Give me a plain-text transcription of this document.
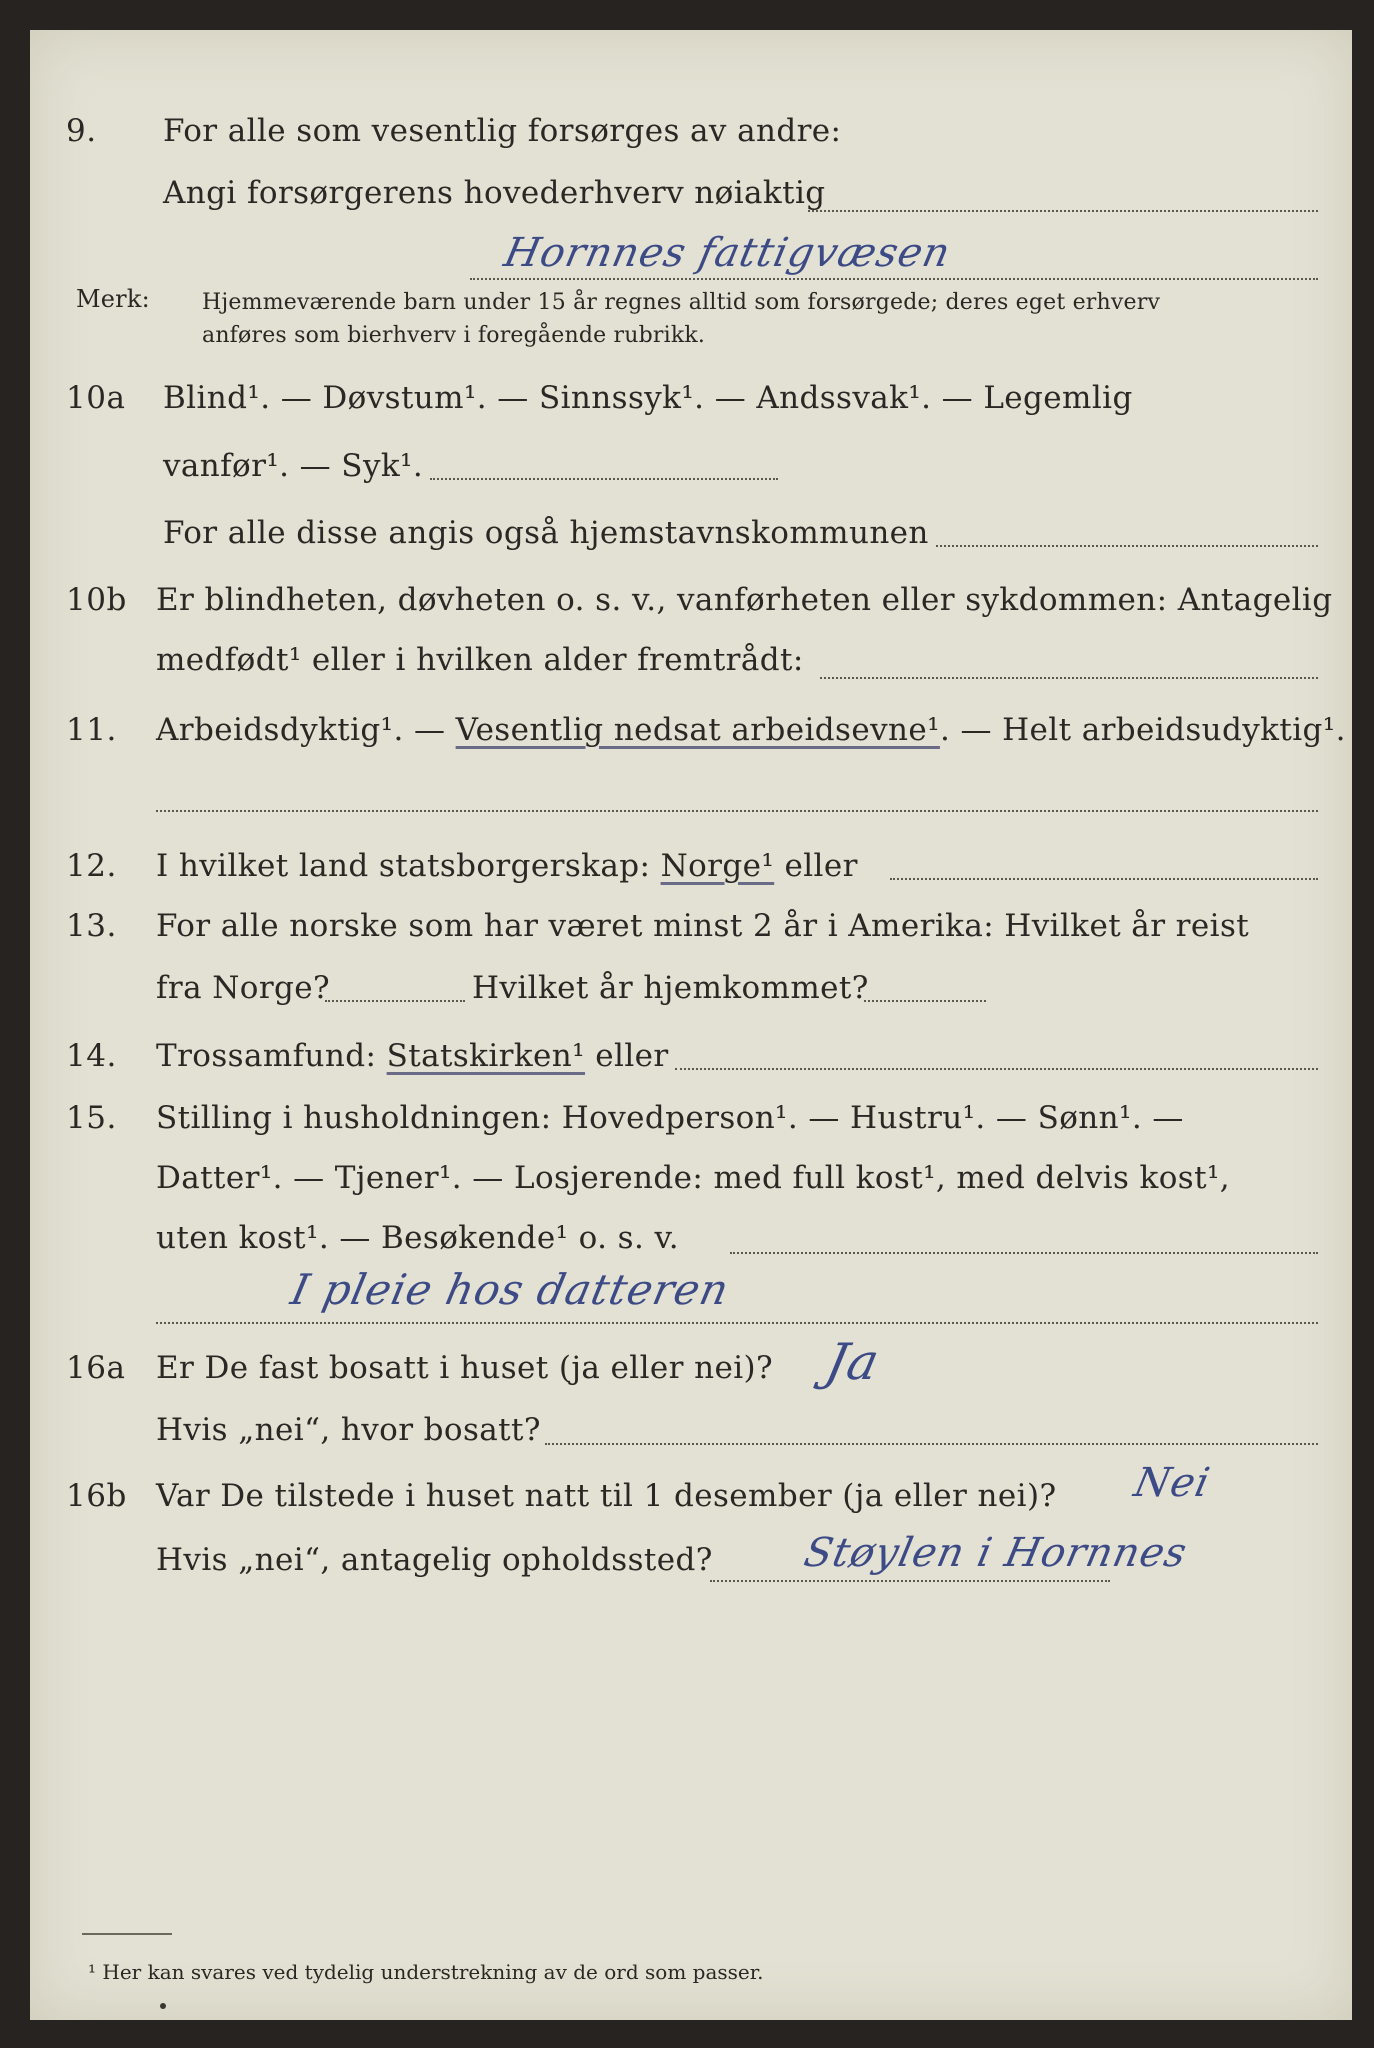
9. For alle som vesentlig forsørges av andre:
Angi forsørgerens hovederhverv nøiaktig
Hornnes fattigvæsen
Merk: Hjemmeværende barn under 15 år regnes alltid som forsørgede; deres eget erhverv
anføres som bierhverv i foregående rubrikk.
10a Blind¹. — Døvstum¹. — Sinnssyk¹. — Andssvak¹. — Legemlig
vanfør¹. — Syk¹.
For alle disse angis også hjemstavnskommunen
10b Er blindheten, døvheten o. s. v., vanførheten eller sykdommen: Antagelig
medfødt¹ eller i hvilken alder fremtrådt:
11. Arbeidsdyktig¹. — Vesentlig nedsat arbeidsevne¹. — Helt arbeidsudyktig¹.
12. I hvilket land statsborgerskap: Norge¹ eller
13. For alle norske som har været minst 2 år i Amerika: Hvilket år reist
fra Norge?	Hvilket år hjemkommet?
14. Trossamfund: Statskirken¹ eller
15. Stilling i husholdningen: Hovedperson¹. — Hustru¹. — Sønn¹. —
Datter¹. — Tjener¹. — Losjerende: med full kost¹, med delvis kost¹,
uten kost¹. — Besøkende¹ o. s. v.
I pleie hos datteren
16a Er De fast bosatt i huset (ja eller nei)? Ja
Hvis „nei“, hvor bosatt?
16b Var De tilstede i huset natt til 1 desember (ja eller nei)? Nei
Hvis „nei“, antagelig opholdssted? Støylen i Hornnes
¹ Her kan svares ved tydelig understrekning av de ord som passer.
